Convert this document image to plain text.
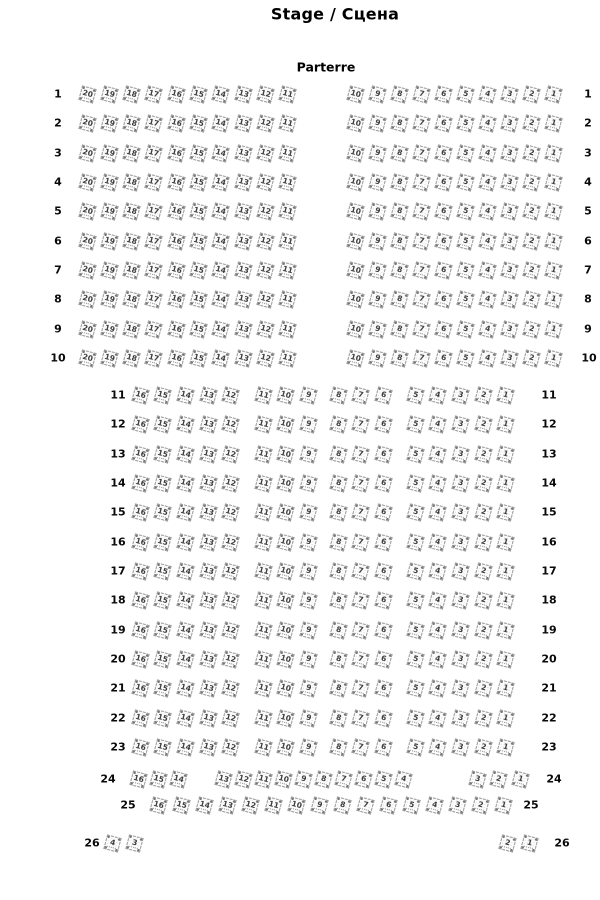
Stage / Сцена
Parterre
1	1
20 19 18 17 16 15 14 13 12 11	10 9 8 7 6 5 4 3 2 1
2	2
20 19 18 17 16 15 14 13 12 11	10 9 8 7 6 5 4 3 2 1
3	3
20 19 18 17 16 15 14 13 12 11	10 9 8 7 6 5 4 3 2 1
4	4
20 19 18 17 16 15 14 13 12 11	10 9 8 7 6 5 4 3 2 1
5	5
20 19 18 17 16 15 14 13 12 11	10 9 8 7 6 5 4 3 2 1
6	6
20 19 18 17 16 15 14 13 12 11	10 9 8 7 6 5 4 3 2 1
7	7
20 19 18 17 16 15 14 13 12 11	10 9 8 7 6 5 4 3 2 1
8	8
20 19 18 17 16 15 14 13 12 11	10 9 8 7 6 5 4 3 2 1
9	9
20 19 18 17 16 15 14 13 12 11	10 9 8 7 6 5 4 3 2 1
10	10
20 19 18 17 16 15 14 13 12 11	10 9 8 7 6 5 4 3 2 1
11	11
16 15 14 13 12	11 10 9	8 7 6	5 4 3 2 1
12	12
16 15 14 13 12	11 10 9	8 7 6	5 4 3 2 1
13	13
16 15 14 13 12	11 10 9	8 7 6	5 4 3 2 1
14	14
16 15 14 13 12	11 10 9	8 7 6	5 4 3 2 1
15	15
16 15 14 13 12	11 10 9	8 7 6	5 4 3 2 1
16	16
16 15 14 13 12	11 10 9	8 7 6	5 4 3 2 1
17	17
16 15 14 13 12	11 10 9	8 7 6	5 4 3 2 1
18	18
16 15 14 13 12	11 10 9	8 7 6	5 4 3 2 1
19	19
16 15 14 13 12	11 10 9	8 7 6	5 4 3 2 1
20	20
16 15 14 13 12	11 10 9	8 7 6	5 4 3 2 1
21	21
16 15 14 13 12	11 10 9	8 7 6	5 4 3 2 1
22	22
16 15 14 13 12	11 10 9	8 7 6	5 4 3 2 1
23	23
16 15 14 13 12	11 10 9	8 7 6	5 4 3 2 1
24	24
16 15 14	13 12 11 10 9 8 7 6 5 4	3 2 1
25	25
16 15 14 13 12 11 10 9 8 7 6 5 4 3 2 1
26	26
4 3	2 1
